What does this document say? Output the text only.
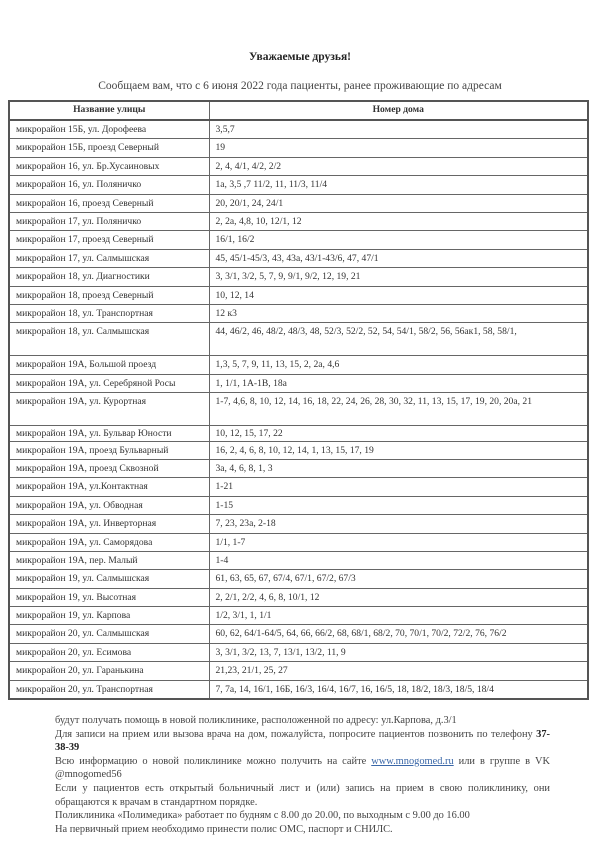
Уважаемые друзья!
Сообщаем вам, что с 6 июня 2022 года пациенты, ранее проживающие по адресам
Название улицы	Номер дома
микрорайон 15Б, ул. Дорофеева	3,5,7
микрорайон 15Б, проезд Северный	19
микрорайон 16, ул. Бр.Хусаиновых	2, 4, 4/1, 4/2, 2/2
микрорайон 16, ул. Поляничко	1а, 3,5 ,7 11/2, 11, 11/3, 11/4
микрорайон 16, проезд Северный	20, 20/1, 24, 24/1
микрорайон 17, ул. Поляничко	2, 2а, 4,8, 10, 12/1, 12
микрорайон 17, проезд Северный	16/1, 16/2
микрорайон 17, ул. Салмышская	45, 45/1-45/3, 43, 43а, 43/1-43/6, 47, 47/1
микрорайон 18, ул. Диагностики	3, 3/1, 3/2, 5, 7, 9, 9/1, 9/2, 12, 19, 21
микрорайон 18, проезд Северный	10, 12, 14
микрорайон 18, ул. Транспортная	12 к3
микрорайон 18, ул. Салмышская	44, 46/2, 46, 48/2, 48/3, 48, 52/3, 52/2, 52, 54, 54/1, 58/2, 56, 56ак1, 58, 58/1,
микрорайон 19А, Большой проезд	1,3, 5, 7, 9, 11, 13, 15, 2, 2а, 4,6
микрорайон 19А, ул. Серебряной Росы	1, 1/1, 1А-1В, 18а
микрорайон 19А, ул. Курортная	1-7, 4,6, 8, 10, 12, 14, 16, 18, 22, 24, 26, 28, 30, 32, 11, 13, 15, 17, 19, 20, 20а, 21
микрорайон 19А, ул. Бульвар Юности	10, 12, 15, 17, 22
микрорайон 19А, проезд Бульварный	16, 2, 4, 6, 8, 10, 12, 14, 1, 13, 15, 17, 19
микрорайон 19А, проезд Сквозной	3а, 4, 6, 8, 1, 3
микрорайон 19А, ул.Контактная	1-21
микрорайон 19А, ул. Обводная	1-15
микрорайон 19А, ул. Инверторная	7, 23, 23а, 2-18
микрорайон 19А, ул. Саморядова	1/1, 1-7
микрорайон 19А, пер. Малый	1-4
микрорайон 19, ул. Салмышская	61, 63, 65, 67, 67/4, 67/1, 67/2, 67/3
микрорайон 19, ул. Высотная	2, 2/1, 2/2, 4, 6, 8, 10/1, 12
микрорайон 19, ул. Карпова	1/2, 3/1, 1, 1/1
микрорайон 20, ул. Салмышская	60, 62, 64/1-64/5, 64, 66, 66/2, 68, 68/1, 68/2, 70, 70/1, 70/2, 72/2, 76, 76/2
микрорайон 20, ул. Есимова	3, 3/1, 3/2, 13, 7, 13/1, 13/2, 11, 9
микрорайон 20, ул. Гаранькина	21,23, 21/1, 25, 27
микрорайон 20, ул. Транспортная	7, 7а, 14, 16/1, 16Б, 16/3, 16/4, 16/7, 16, 16/5, 18, 18/2, 18/3, 18/5, 18/4

будут получать помощь в новой поликлинике, расположенной по адресу: ул.Карпова, д.3/1

Для записи на прием или вызова врача на дом, пожалуйста, попросите пациентов позвонить по телефону 37-38-39

Всю информацию о новой поликлинике можно получить на сайте www.mnogomed.ru или в группе в VK @mnogomed56

Если у пациентов есть открытый больничный лист и (или) запись на прием в свою поликлинику, они обращаются к врачам в стандартном порядке.

Поликлиника «Полимедика» работает по будням с 8.00 до 20.00, по выходным с 9.00 до 16.00

На первичный прием необходимо принести полис ОМС, паспорт и СНИЛС.
